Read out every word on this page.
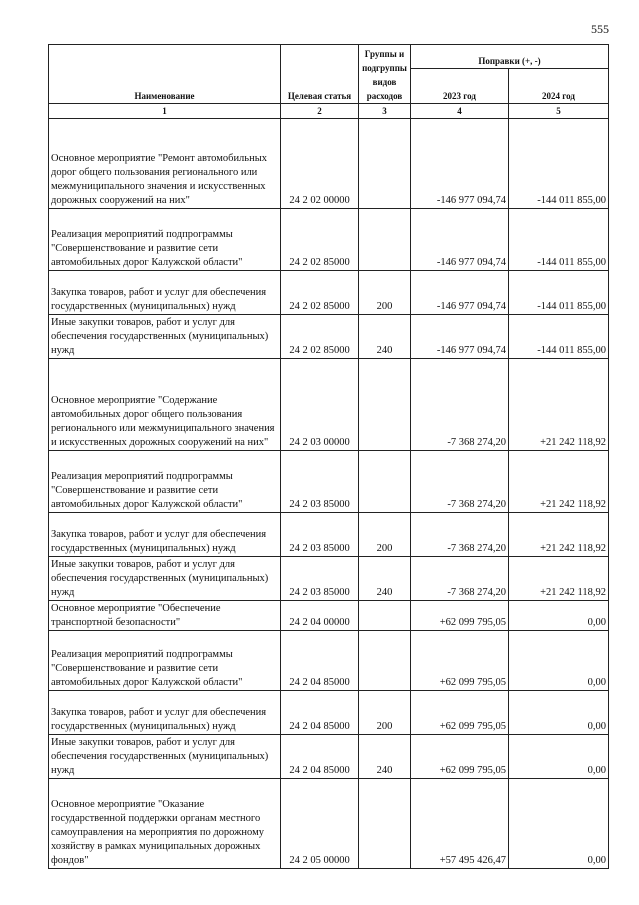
555
Наименование	Целевая статья	Группы и подгруппы видов расходов	Поправки (+, -)	
			2023 год	2024 год
1	2	3	4	5
Основное мероприятие "Ремонт автомобильных дорог общего пользования регионального или межмуниципального значения и искусственных дорожных сооружений на них"	24 2 02 00000		-146 977 094,74	-144 011 855,00
Реализация мероприятий подпрограммы "Совершенствование и развитие сети автомобильных дорог Калужской области"	24 2 02 85000		-146 977 094,74	-144 011 855,00
Закупка товаров, работ и услуг для обеспечения государственных (муниципальных) нужд	24 2 02 85000	200	-146 977 094,74	-144 011 855,00
Иные закупки товаров, работ и услуг для обеспечения государственных (муниципальных) нужд	24 2 02 85000	240	-146 977 094,74	-144 011 855,00
Основное мероприятие "Содержание автомобильных дорог общего пользования регионального или межмуниципального значения и искусственных дорожных сооружений на них"	24 2 03 00000		-7 368 274,20	+21 242 118,92
Реализация мероприятий подпрограммы "Совершенствование и развитие сети автомобильных дорог Калужской области"	24 2 03 85000		-7 368 274,20	+21 242 118,92
Закупка товаров, работ и услуг для обеспечения государственных (муниципальных) нужд	24 2 03 85000	200	-7 368 274,20	+21 242 118,92
Иные закупки товаров, работ и услуг для обеспечения государственных (муниципальных) нужд	24 2 03 85000	240	-7 368 274,20	+21 242 118,92
Основное мероприятие "Обеспечение транспортной безопасности"	24 2 04 00000		+62 099 795,05	0,00
Реализация мероприятий подпрограммы "Совершенствование и развитие сети автомобильных дорог Калужской области"	24 2 04 85000		+62 099 795,05	0,00
Закупка товаров, работ и услуг для обеспечения государственных (муниципальных) нужд	24 2 04 85000	200	+62 099 795,05	0,00
Иные закупки товаров, работ и услуг для обеспечения государственных (муниципальных) нужд	24 2 04 85000	240	+62 099 795,05	0,00
Основное мероприятие "Оказание государственной поддержки органам местного самоуправления на мероприятия по дорожному хозяйству в рамках муниципальных дорожных фондов"	24 2 05 00000		+57 495 426,47	0,00
